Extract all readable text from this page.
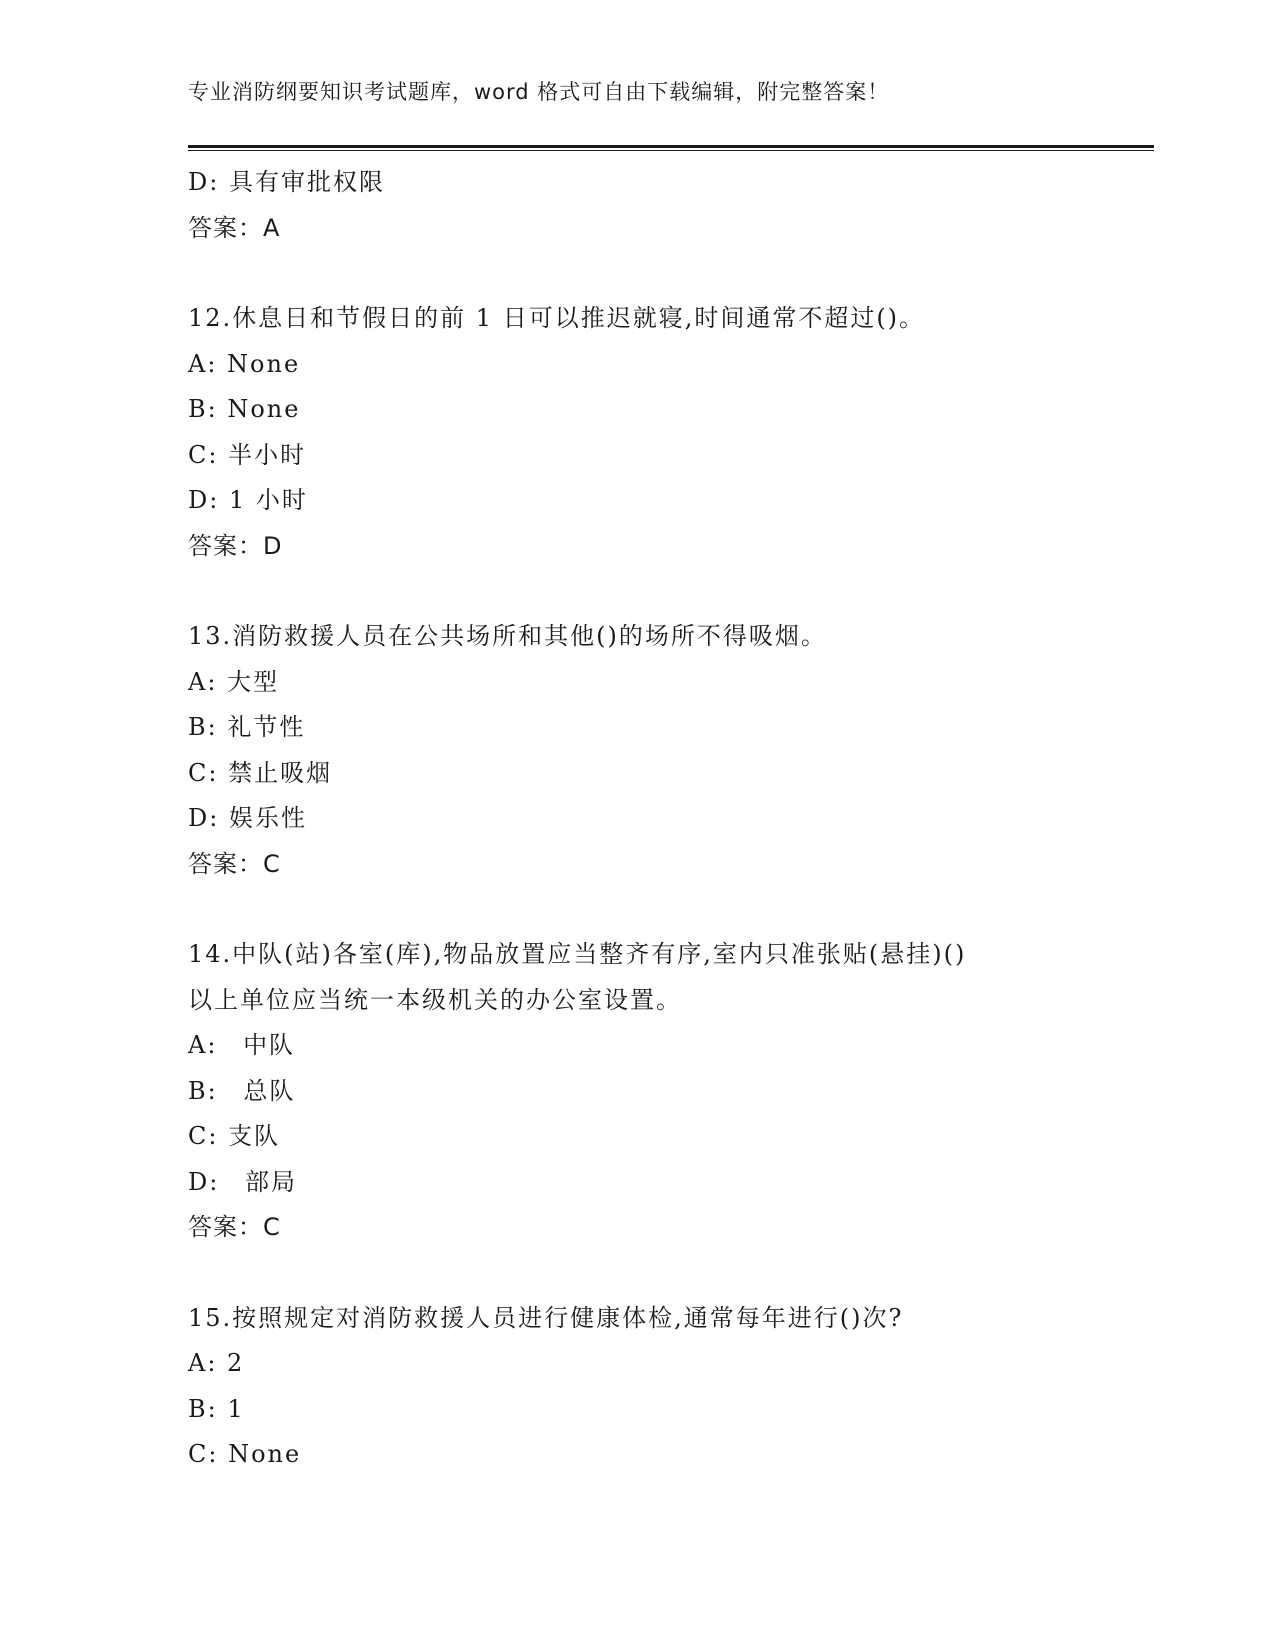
专业消防纲要知识考试题库，word 格式可自由下载编辑，附完整答案！
D: 具有审批权限
答案：A
12.休息日和节假日的前 1 日可以推迟就寝,时间通常不超过()。
A: None
B: None
C: 半小时
D: 1 小时
答案：D
13.消防救援人员在公共场所和其他()的场所不得吸烟。
A: 大型
B: 礼节性
C: 禁止吸烟
D: 娱乐性
答案：C
14.中队(站)各室(库),物品放置应当整齐有序,室内只准张贴(悬挂)()
以上单位应当统一本级机关的办公室设置。
A: 中队
B: 总队
C: 支队
D: 部局
答案：C
15.按照规定对消防救援人员进行健康体检,通常每年进行()次?
A: 2
B: 1
C: None
